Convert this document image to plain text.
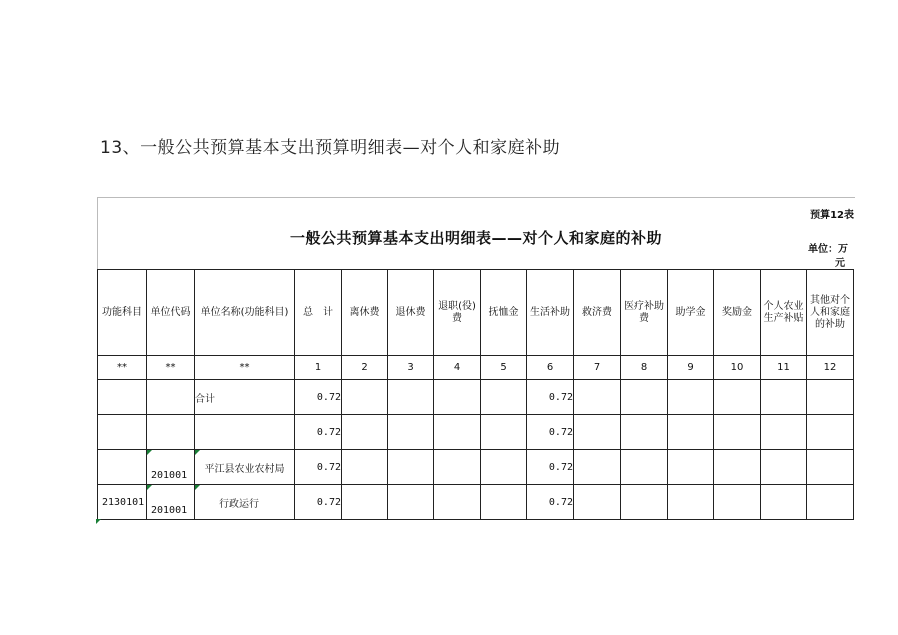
13、一般公共预算基本支出预算明细表—对个人和家庭补助
预算12表
一般公共预算基本支出明细表——对个人和家庭的补助
单位：万
元
功能科目	单位代码	单位名称(功能科目)	总　计	离休费	退休费	退职(役)费	抚恤金	生活补助	救济费	医疗补助费	助学金	奖励金	个人农业生产补贴	其他对个人和家庭的补助
**	**	**	1	2	3	4	5	6	7	8	9	10	11	12
		合计	0.72					0.72						
			0.72					0.72						
	201001	平江县农业农村局	0.72					0.72						
2130101	201001	行政运行	0.72					0.72						
